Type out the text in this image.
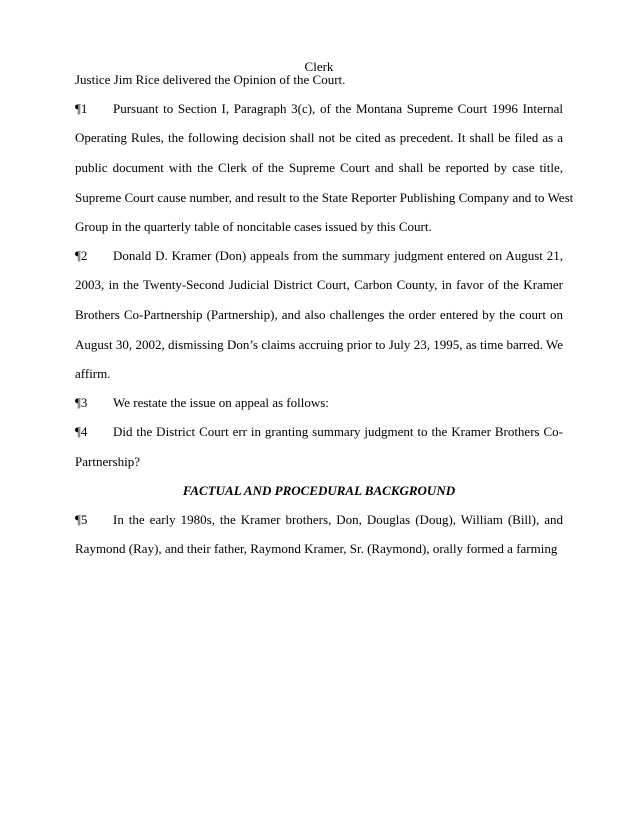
Clerk
Justice Jim Rice delivered the Opinion of the Court.
¶1 Pursuant to Section I, Paragraph 3(c), of the Montana Supreme Court 1996 Internal
Operating Rules, the following decision shall not be cited as precedent. It shall be filed as a
public document with the Clerk of the Supreme Court and shall be reported by case title,
Supreme Court cause number, and result to the State Reporter Publishing Company and to West
Group in the quarterly table of noncitable cases issued by this Court.
¶2 Donald D. Kramer (Don) appeals from the summary judgment entered on August 21,
2003, in the Twenty-Second Judicial District Court, Carbon County, in favor of the Kramer
Brothers Co-Partnership (Partnership), and also challenges the order entered by the court on
August 30, 2002, dismissing Don’s claims accruing prior to July 23, 1995, as time barred. We
affirm.
¶3 We restate the issue on appeal as follows:
¶4 Did the District Court err in granting summary judgment to the Kramer Brothers Co-
Partnership?
FACTUAL AND PROCEDURAL BACKGROUND
¶5 In the early 1980s, the Kramer brothers, Don, Douglas (Doug), William (Bill), and
Raymond (Ray), and their father, Raymond Kramer, Sr. (Raymond), orally formed a farming
